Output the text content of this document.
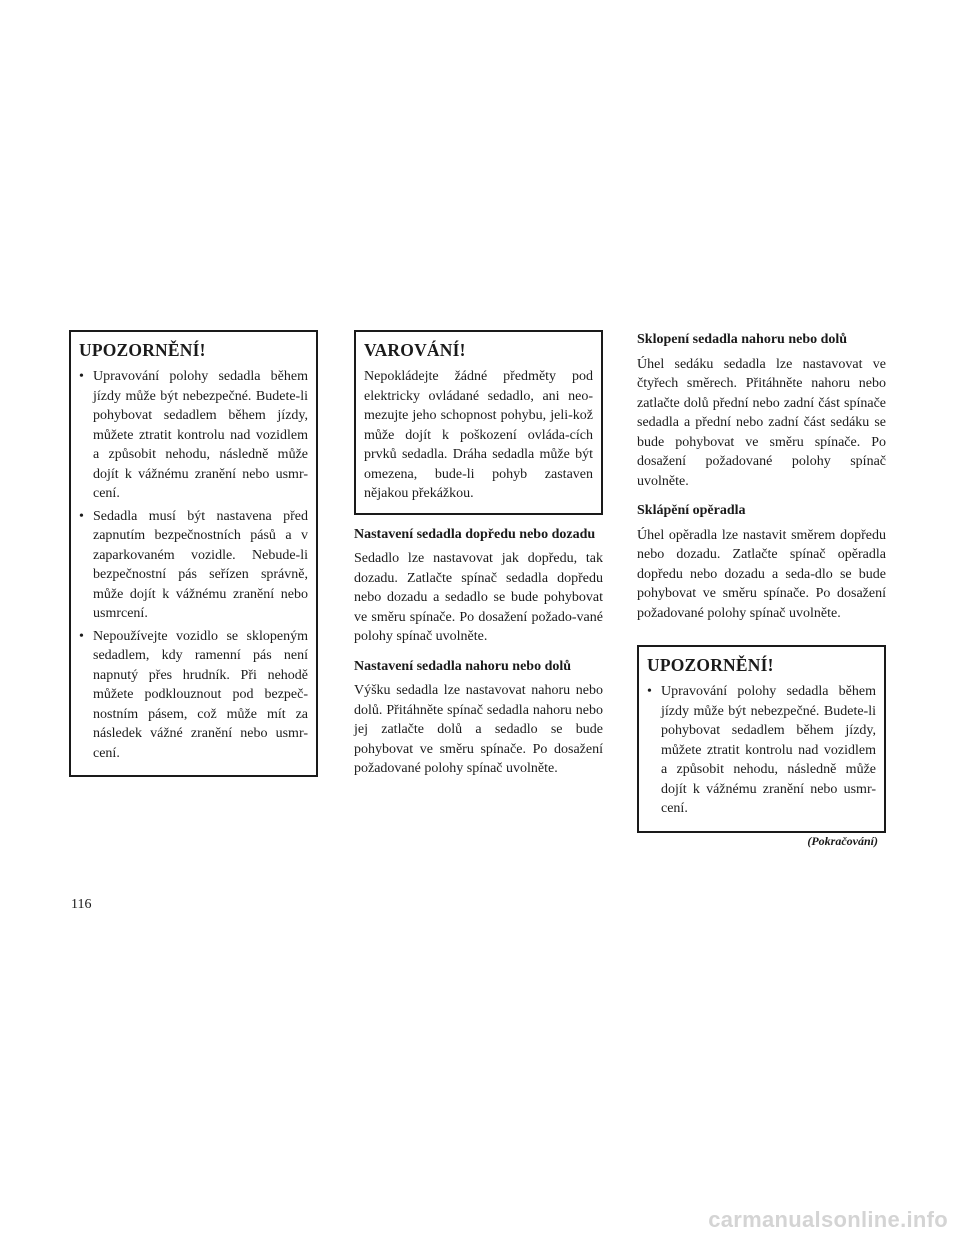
UPOZORNĚNÍ!
• Upravování polohy sedadla během jízdy může být nebezpečné. Budete-li pohybovat sedadlem během jízdy, můžete ztratit kontrolu nad vozidlem a způsobit nehodu, následně může dojít k vážnému zranění nebo usmr-cení.
• Sedadla musí být nastavena před zapnutím bezpečnostních pásů a v zaparkovaném vozidle. Nebude-li bezpečnostní pás seřízen správně, může dojít k vážnému zranění nebo usmrcení.
• Nepoužívejte vozidlo se sklopeným sedadlem, kdy ramenní pás není napnutý přes hrudník. Při nehodě můžete podklouznout pod bezpeč-nostním pásem, což může mít za následek vážné zranění nebo usmr-cení.
VAROVÁNÍ!

Nepokládejte žádné předměty pod elektricky ovládané sedadlo, ani neo-mezujte jeho schopnost pohybu, jeli-kož může dojít k poškození ovláda-cích prvků sedadla. Dráha sedadla může být omezena, bude-li pohyb zastaven nějakou překážkou.

Nastavení sedadla dopředu nebo dozadu
Sedadlo lze nastavovat jak dopředu, tak dozadu. Zatlačte spínač sedadla dopředu nebo dozadu a sedadlo se bude pohybovat ve směru spínače. Po dosažení požado-vané polohy spínač uvolněte.
Nastavení sedadla nahoru nebo dolů
Výšku sedadla lze nastavovat nahoru nebo dolů. Přitáhněte spínač sedadla nahoru nebo jej zatlačte dolů a sedadlo se bude pohybovat ve směru spínače. Po dosažení požadované polohy spínač uvolněte.
Sklopení sedadla nahoru nebo dolů
Úhel sedáku sedadla lze nastavovat ve čtyřech směrech. Přitáhněte nahoru nebo zatlačte dolů přední nebo zadní část spínače sedadla a přední nebo zadní část sedáku se bude pohybovat ve směru spínače. Po dosažení požadované polohy spínač uvolněte.
Sklápění opěradla
Úhel opěradla lze nastavit směrem dopředu nebo dozadu. Zatlačte spínač opěradla dopředu nebo dozadu a seda-dlo se bude pohybovat ve směru spínače. Po dosažení požadované polohy spínač uvolněte.
UPOZORNĚNÍ!
• Upravování polohy sedadla během jízdy může být nebezpečné. Budete-li pohybovat sedadlem během jízdy, můžete ztratit kontrolu nad vozidlem a způsobit nehodu, následně může dojít k vážnému zranění nebo usmr-cení.
(Pokračování)
116
carmanualsonline.info
